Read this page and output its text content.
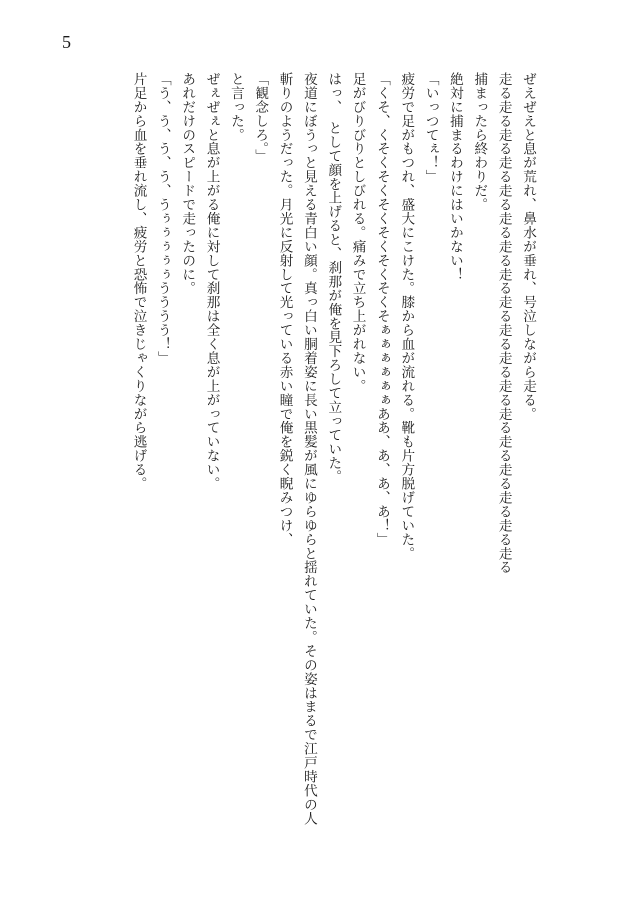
5
ぜえぜえと息が荒れ、鼻水が垂れ、号泣しながら走る。
走る走る走る走る走る走る走る走る走る走る走る走る走る走る走る走る走る走る
捕まったら終わりだ。
絶対に捕まるわけにはいかない！
「いっつてぇ！」
疲労で足がもつれ、盛大にこけた。膝から血が流れる。靴も片方脱げていた。
「くそ、くそくそくそくそくそくそくそぁぁぁぁぁぁああ、あ、あ、あ！」
足がびりびりとしびれる。痛みで立ち上がれない。
はっ、　として顔を上げると、刹那が俺を見下ろして立っていた。
夜道にぼうっと見える青白い顔。真っ白い胴着姿に長い黒髪が風にゆらゆらと揺れていた。その姿はまるで江戸時代の人
斬りのようだった。月光に反射して光っている赤い瞳で俺を鋭く睨みつけ、
「観念しろ。」
と言った。
ぜぇぜぇと息が上がる俺に対して刹那は全く息が上がっていない。
あれだけのスピードで走ったのに。
「う、う、う、う、うぅぅぅぅぅうううう！」
片足から血を垂れ流し、疲労と恐怖で泣きじゃくりながら逃げる。
